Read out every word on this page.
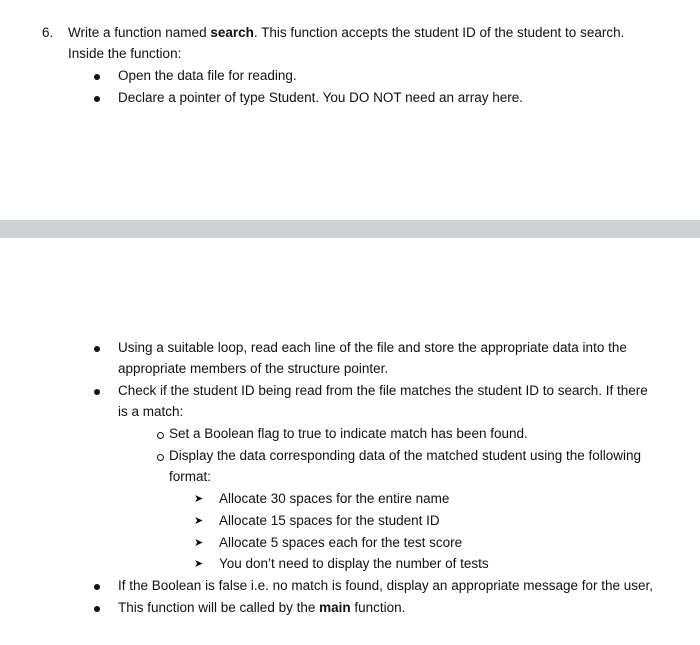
6. Write a function named search. This function accepts the student ID of the student to search.
Inside the function:
Open the data file for reading.
Declare a pointer of type Student. You DO NOT need an array here.
Using a suitable loop, read each line of the file and store the appropriate data into the
appropriate members of the structure pointer.
Check if the student ID being read from the file matches the student ID to search. If there
is a match:
Set a Boolean flag to true to indicate match has been found.
Display the data corresponding data of the matched student using the following
format:
➤ Allocate 30 spaces for the entire name
➤ Allocate 15 spaces for the student ID
➤ Allocate 5 spaces each for the test score
➤ You don’t need to display the number of tests
If the Boolean is false i.e. no match is found, display an appropriate message for the user,
This function will be called by the main function.
